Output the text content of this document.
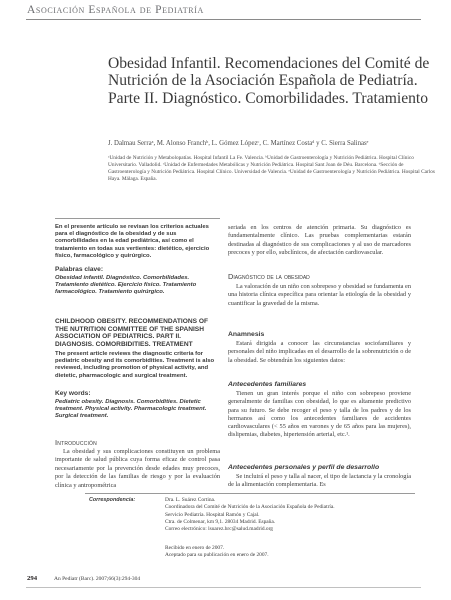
Asociación Española de Pediatría
Obesidad Infantil. Recomendaciones del Comité de Nutrición de la Asociación Española de Pediatría. Parte II. Diagnóstico. Comorbilidades. Tratamiento
J. Dalmau Serraᵃ, M. Alonso Franchᵇ, L. Gómez Lópezᶜ, C. Martínez Costaᵈ y C. Sierra Salinasᵉ
ᵃUnidad de Nutrición y Metabolopatías. Hospital Infantil La Fe. Valencia. ᵇUnidad de Gastroenterología y Nutrición Pediátrica. Hospital Clínico Universitario. Valladolid. ᶜUnidad de Enfermedades Metabólicas y Nutrición Pediátrica. Hospital Sant Joan de Déu. Barcelona. ᵈSección de Gastroenterología y Nutrición Pediátrica. Hospital Clínico. Universidad de Valencia. ᵉUnidad de Gastroenterología y Nutrición Pediátrica. Hospital Carlos Haya. Málaga. España.
En el presente artículo se revisan los criterios actuales para el diagnóstico de la obesidad y de sus comorbilidades en la edad pediátrica, así como el tratamiento en todas sus vertientes: dietético, ejercicio físico, farmacológico y quirúrgico.
Palabras clave:
Obesidad infantil. Diagnóstico. Comorbilidades. Tratamiento dietético. Ejercicio físico. Tratamiento farmacológico. Tratamiento quirúrgico.
CHILDHOOD OBESITY. RECOMMENDATIONS OF THE NUTRITION COMMITTEE OF THE SPANISH ASSOCIATION OF PEDIATRICS. PART II. DIAGNOSIS. COMORBIDITIES. TREATMENT
The present article reviews the diagnostic criteria for pediatric obesity and its comorbidities. Treatment is also reviewed, including promotion of physical activity, and dietetic, pharmacologic and surgical treatment.
Key words:
Pediatric obesity. Diagnosis. Comorbidities. Dietetic treatment. Physical activity. Pharmacologic treatment. Surgical treatment.
Introducción

La obesidad y sus complicaciones constituyen un problema importante de salud pública cuya forma eficaz de control pasa necesariamente por la prevención desde edades muy precoces, por la detección de las familias de riesgo y por la evaluación clínica y antropométrica

seriada en los centros de atención primaria. Su diagnóstico es fundamentalmente clínico. Las pruebas complementarias estarán destinadas al diagnóstico de sus complicaciones y al uso de marcadores precoces y por ello, subclínicos, de afectación cardiovascular.
Diagnóstico de la obesidad

La valoración de un niño con sobrepeso y obesidad se fundamenta en una historia clínica específica para orientar la etiología de la obesidad y cuantificar la gravedad de la misma.

Anamnesis

Estará dirigida a conocer las circunstancias sociofamiliares y personales del niño implicadas en el desarrollo de la sobrenutrición o de la obesidad. Se obtendrán los siguientes datos:

Antecedentes familiares

Tienen un gran interés porque el niño con sobrepeso proviene generalmente de familias con obesidad, lo que es altamente predictivo para su futuro. Se debe recoger el peso y talla de los padres y de los hermanos así como los antecedentes familiares de accidentes cardiovasculares (< 55 años en varones y de 65 años para las mujeres), dislipemias, diabetes, hipertensión arterial, etc.¹.

Antecedentes personales y perfil de desarrollo

Se incluirá el peso y talla al nacer, el tipo de lactancia y la cronología de la alimentación complementaria. Es

Correspondencia:	Dra. L. Suárez Cortina.
Coordinadora del Comité de Nutrición de la Asociación Española de Pediatría.
Servicio Pediatría. Hospital Ramón y Cajal.
Ctra. de Colmenar, km 9,1. 28034 Madrid. España.
Correo electrónico: lsuarez.hrc@salud.madrid.org
Recibido en enero de 2007.
Aceptado para su publicación en enero de 2007.
294	An Pediatr (Barc). 2007;66(3):294-304
